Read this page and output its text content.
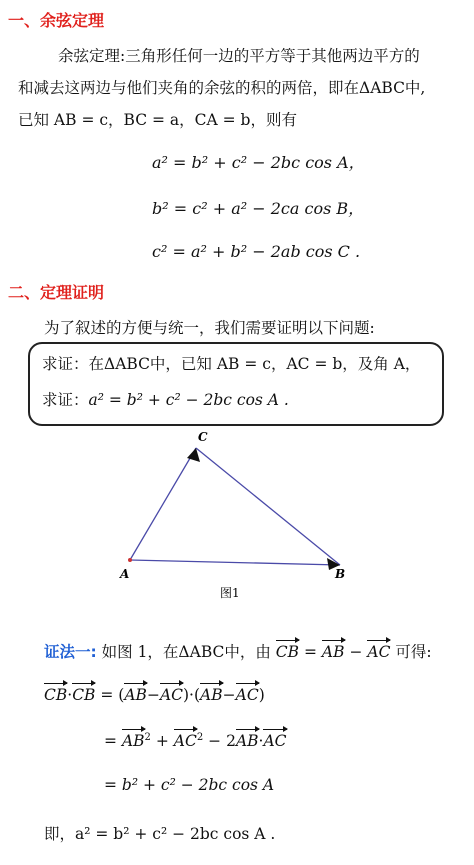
一、余弦定理
余弦定理:三角形任何一边的平方等于其他两边平方的
和减去这两边与他们夹角的余弦的积的两倍，即在ΔABC中,
已知 AB = c，BC = a，CA = b，则有
a² = b² + c² − 2bc cos A，
b² = c² + a² − 2ca cos B，
c² = a² + b² − 2ab cos C .
二、定理证明
为了叙述的方便与统一，我们需要证明以下问题:
求证：在ΔABC中，已知 AB = c，AC = b，及角 A，
求证：a² = b² + c² − 2bc cos A .
A	B
C
图1
证法一: 如图 1，在ΔABC中，由 CB = AB − AC 可得:
CB·CB = (AB−AC)·(AB−AC)
= $AB^2 + AC^2 - 2AB\cdot AC$
= b² + c² − 2bc cos A
即，a² = b² + c² − 2bc cos A .
